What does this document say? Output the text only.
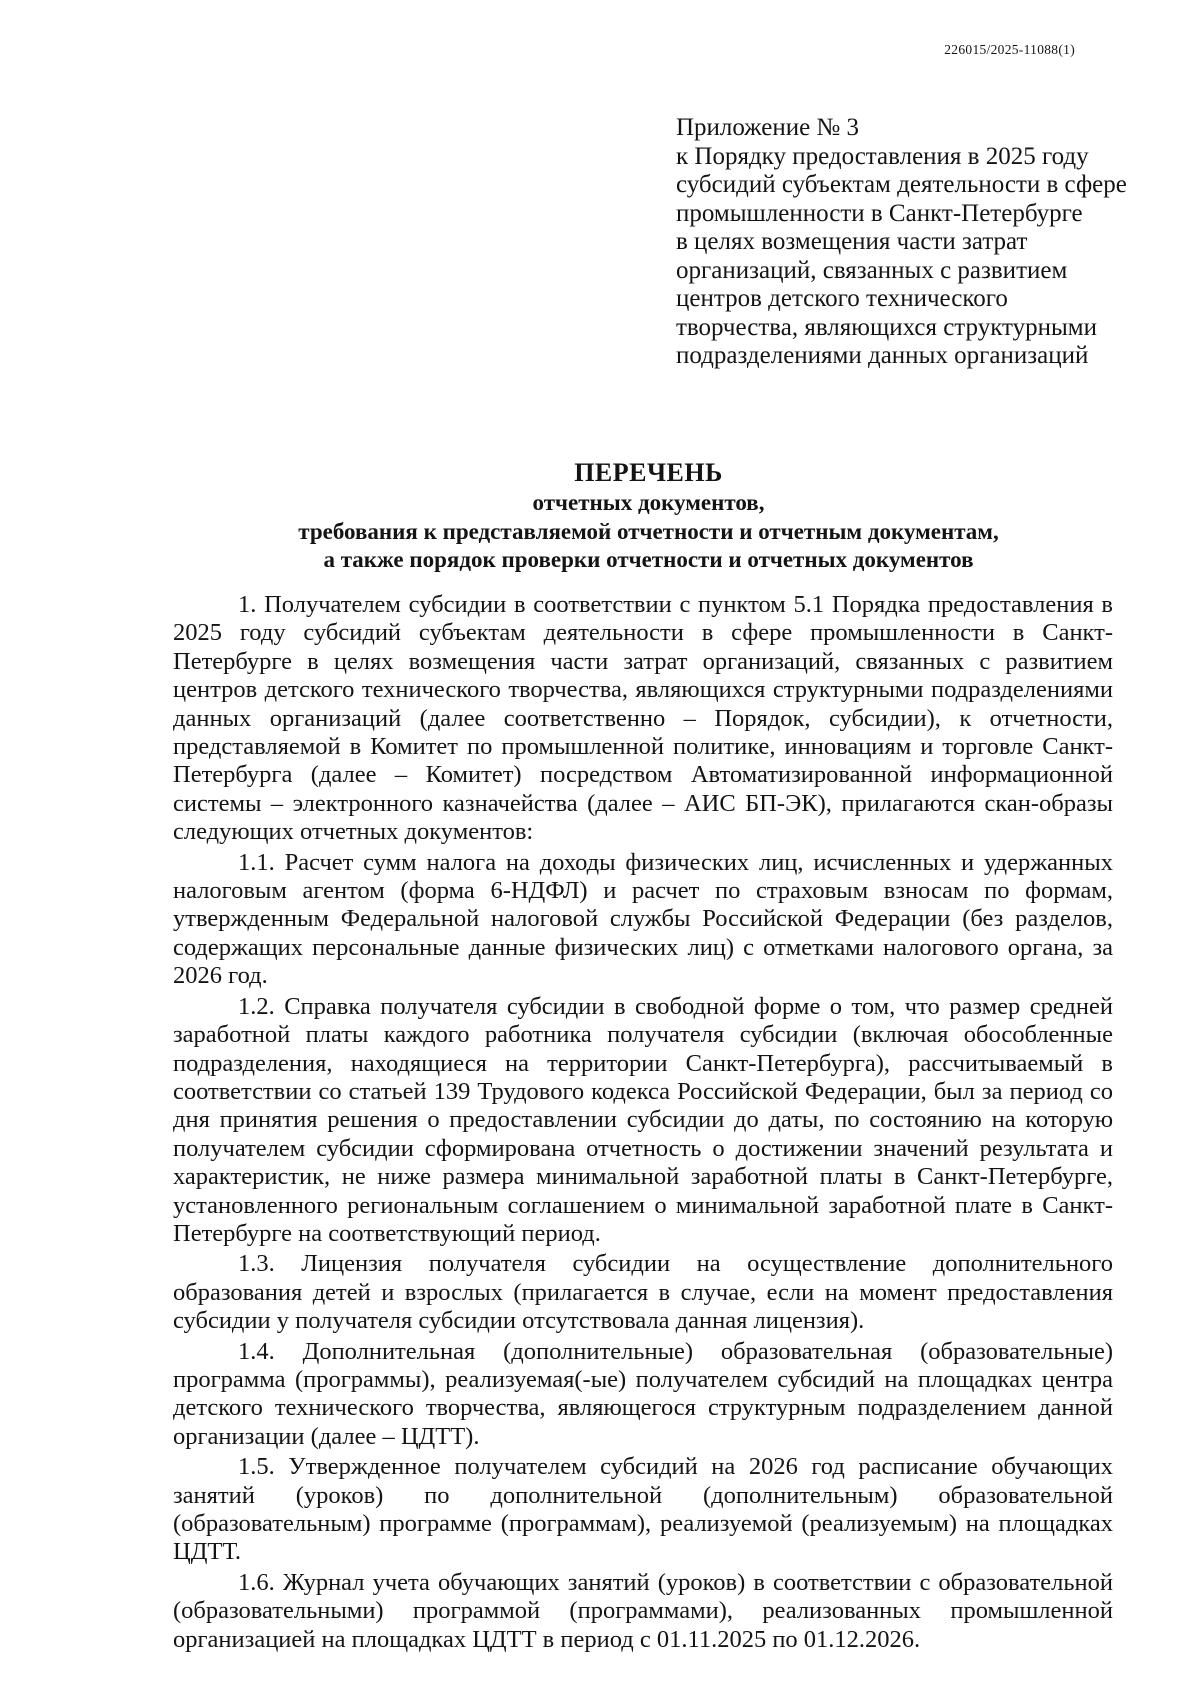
226015/2025-11088(1)
Приложение № 3
к Порядку предоставления в 2025 году
субсидий субъектам деятельности в сфере
промышленности в Санкт-Петербурге
в целях возмещения части затрат
организаций, связанных с развитием
центров детского технического
творчества, являющихся структурными
подразделениями данных организаций
ПЕРЕЧЕНЬ
отчетных документов,
требования к представляемой отчетности и отчетным документам,
а также порядок проверки отчетности и отчетных документов

1. Получателем субсидии в соответствии с пунктом 5.1 Порядка предоставления в 2025 году субсидий субъектам деятельности в сфере промышленности в Санкт-Петербурге в целях возмещения части затрат организаций, связанных с развитием центров детского технического творчества, являющихся структурными подразделениями данных организаций (далее соответственно – Порядок, субсидии), к отчетности, представляемой в Комитет по промышленной политике, инновациям и торговле Санкт-Петербурга (далее – Комитет) посредством Автоматизированной информационной системы – электронного казначейства (далее – АИС БП-ЭК), прилагаются скан-образы следующих отчетных документов:

1.1. Расчет сумм налога на доходы физических лиц, исчисленных и удержанных налоговым агентом (форма 6-НДФЛ) и расчет по страховым взносам по формам, утвержденным Федеральной налоговой службы Российской Федерации (без разделов, содержащих персональные данные физических лиц) с отметками налогового органа, за 2026 год.

1.2. Справка получателя субсидии в свободной форме о том, что размер средней заработной платы каждого работника получателя субсидии (включая обособленные подразделения, находящиеся на территории Санкт-Петербурга), рассчитываемый в соответствии со статьей 139 Трудового кодекса Российской Федерации, был за период со дня принятия решения о предоставлении субсидии до даты, по состоянию на которую получателем субсидии сформирована отчетность о достижении значений результата и характеристик, не ниже размера минимальной заработной платы в Санкт-Петербурге, установленного региональным соглашением о минимальной заработной плате в Санкт-Петербурге на соответствующий период.

1.3. Лицензия получателя субсидии на осуществление дополнительного образования детей и взрослых (прилагается в случае, если на момент предоставления субсидии у получателя субсидии отсутствовала данная лицензия).

1.4. Дополнительная (дополнительные) образовательная (образовательные) программа (программы), реализуемая(-ые) получателем субсидий на площадках центра детского технического творчества, являющегося структурным подразделением данной организации (далее – ЦДТТ).

1.5. Утвержденное получателем субсидий на 2026 год расписание обучающих занятий (уроков) по дополнительной (дополнительным) образовательной (образовательным) программе (программам), реализуемой (реализуемым) на площадках ЦДТТ.

1.6. Журнал учета обучающих занятий (уроков) в соответствии с образовательной (образовательными) программой (программами), реализованных промышленной организацией на площадках ЦДТТ в период с 01.11.2025 по 01.12.2026.
